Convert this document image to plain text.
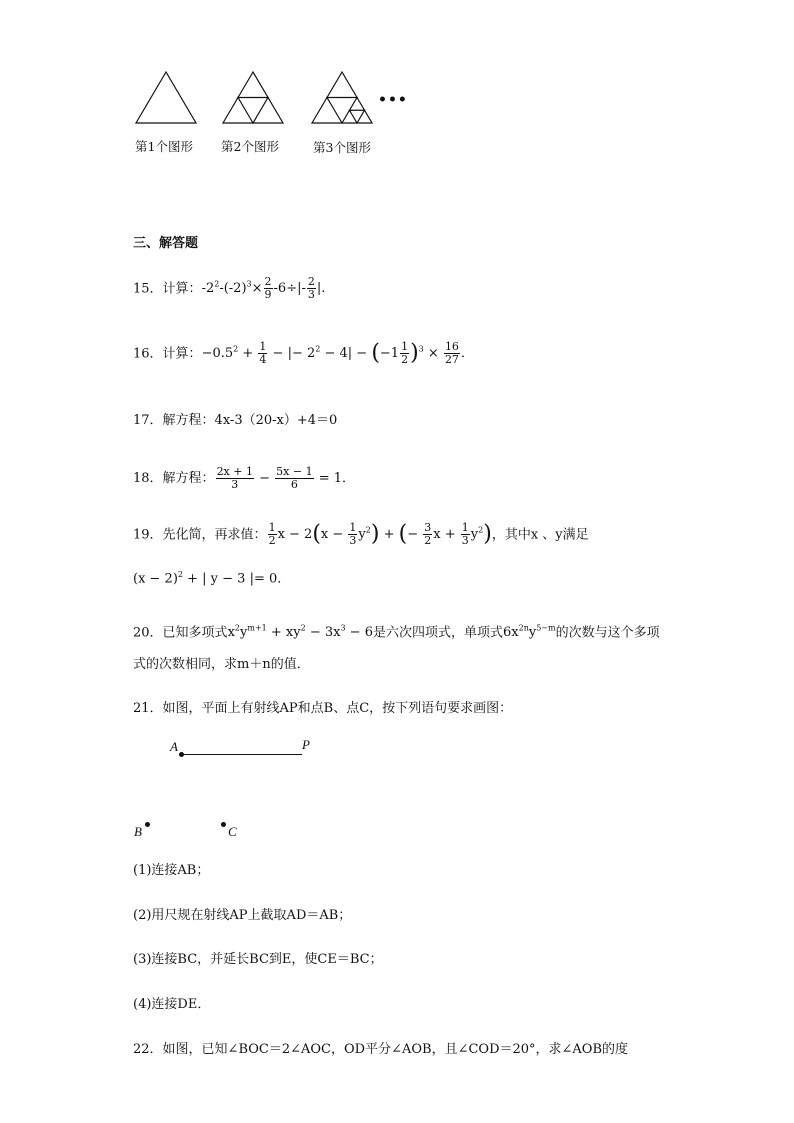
•••
第1个图形 第2个图形	第3个图形
三、解答题
15．计算：$-2^2-(-2)^3\times \frac{2}{9} -6\div|- \frac{2}{3}$ |.
16．计算：$-0.5^2 + \frac{1}{4}$ − |− $2^2 - 4| - (-1 \frac{1}{2} )^3 \times \frac{16}{27}$ ．
17．解方程：4x-3（20-x）+4＝0
18．解方程： $\frac{2x + 1}{3} - \frac{5x - 1}{6} = 1$．
19．先化简，再求值： $\frac{1}{2}$ $x - 2(x - \frac{1}{3} y^2)$ + (− $\frac{3}{2}$ $x + \frac{1}{3} y^2$)，其中x 、y满足
$(x - 2)^2$ + | y − 3 |= 0．
20．已知多项式$x^2y^{m+1} + xy^2 - 3x^3 - 6$是六次四项式，单项式$6x^{2n}y^{5-m}$的次数与这个多项
式的次数相同，求m＋n的值．
21．如图，平面上有射线AP和点B、点C，按下列语句要求画图：
A	P
B	C
(1)连接AB；
(2)用尺规在射线AP上截取AD＝AB；
(3)连接BC，并延长BC到E，使CE＝BC；
(4)连接DE．
22．如图，已知∠BOC＝2∠AOC，OD平分∠AOB，且∠COD＝20°，求∠AOB的度
